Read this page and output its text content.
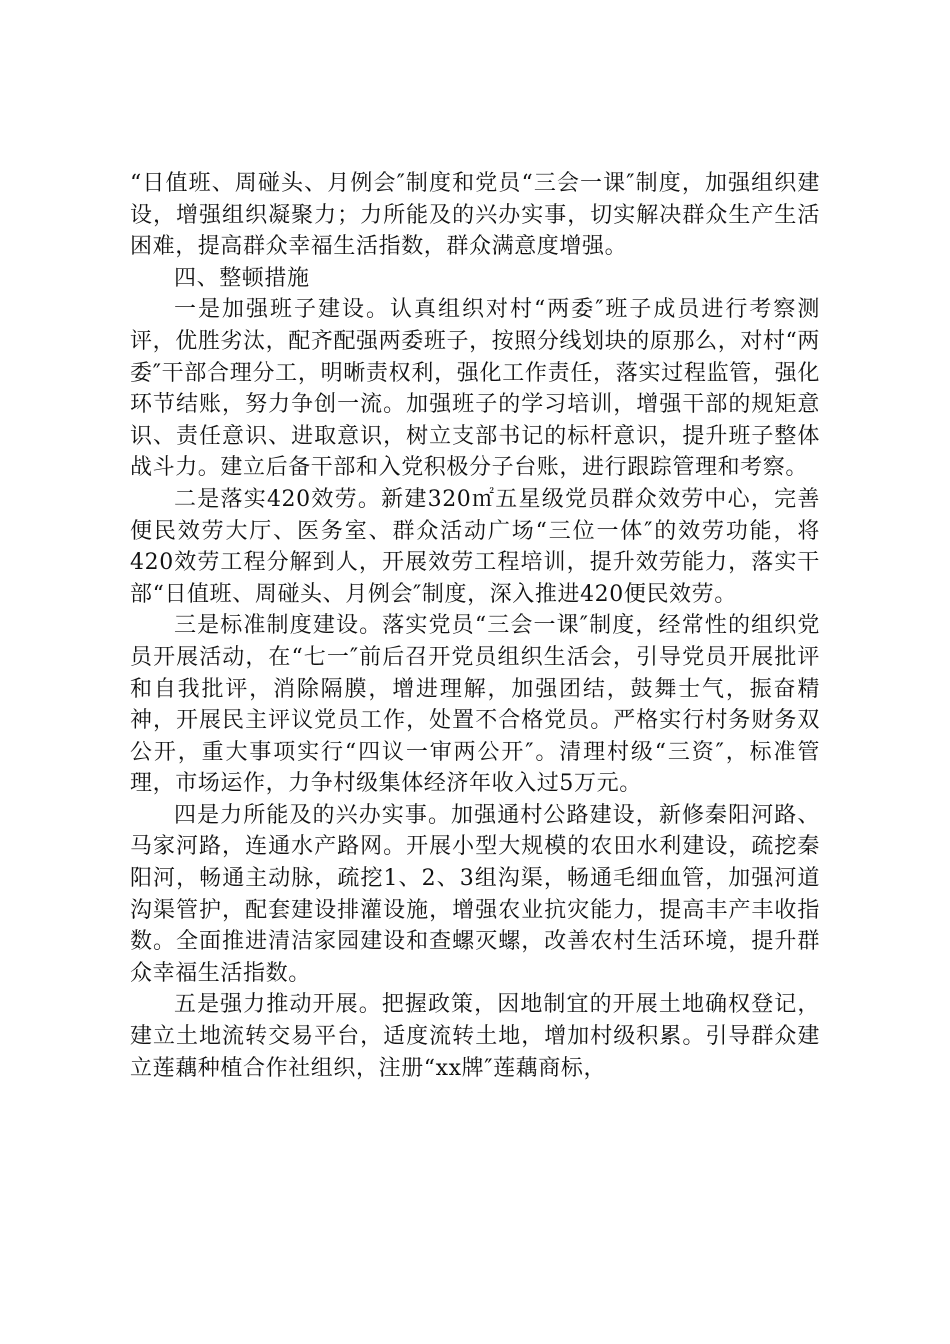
“日值班、周碰头、月例会″制度和党员“三会一课″制度，加强组织建设，增强组织凝聚力；力所能及的兴办实事，切实解决群众生产生活困难，提高群众幸福生活指数，群众满意度增强。

四、整顿措施

一是加强班子建设。认真组织对村“两委″班子成员进行考察测评，优胜劣汰，配齐配强两委班子，按照分线划块的原那么，对村“两委″干部合理分工，明晰责权利，强化工作责任，落实过程监管，强化环节结账，努力争创一流。加强班子的学习培训，增强干部的规矩意识、责任意识、进取意识，树立支部书记的标杆意识，提升班子整体战斗力。建立后备干部和入党积极分子台账，进行跟踪管理和考察。

二是落实420效劳。新建320㎡五星级党员群众效劳中心，完善便民效劳大厅、医务室、群众活动广场“三位一体″的效劳功能，将420效劳工程分解到人，开展效劳工程培训，提升效劳能力，落实干部“日值班、周碰头、月例会″制度，深入推进420便民效劳。

三是标准制度建设。落实党员“三会一课″制度，经常性的组织党员开展活动，在“七一″前后召开党员组织生活会，引导党员开展批评和自我批评，消除隔膜，增进理解，加强团结，鼓舞士气，振奋精神，开展民主评议党员工作，处置不合格党员。严格实行村务财务双公开，重大事项实行“四议一审两公开″。清理村级“三资″，标准管理，市场运作，力争村级集体经济年收入过5万元。

四是力所能及的兴办实事。加强通村公路建设，新修秦阳河路、马家河路，连通水产路网。开展小型大规模的农田水利建设，疏挖秦阳河，畅通主动脉，疏挖1、2、3组沟渠，畅通毛细血管，加强河道沟渠管护，配套建设排灌设施，增强农业抗灾能力，提高丰产丰收指数。全面推进清洁家园建设和查螺灭螺，改善农村生活环境，提升群众幸福生活指数。

五是强力推动开展。把握政策，因地制宜的开展土地确权登记，建立土地流转交易平台，适度流转土地，增加村级积累。引导群众建立莲藕种植合作社组织，注册“xx牌″莲藕商标，
